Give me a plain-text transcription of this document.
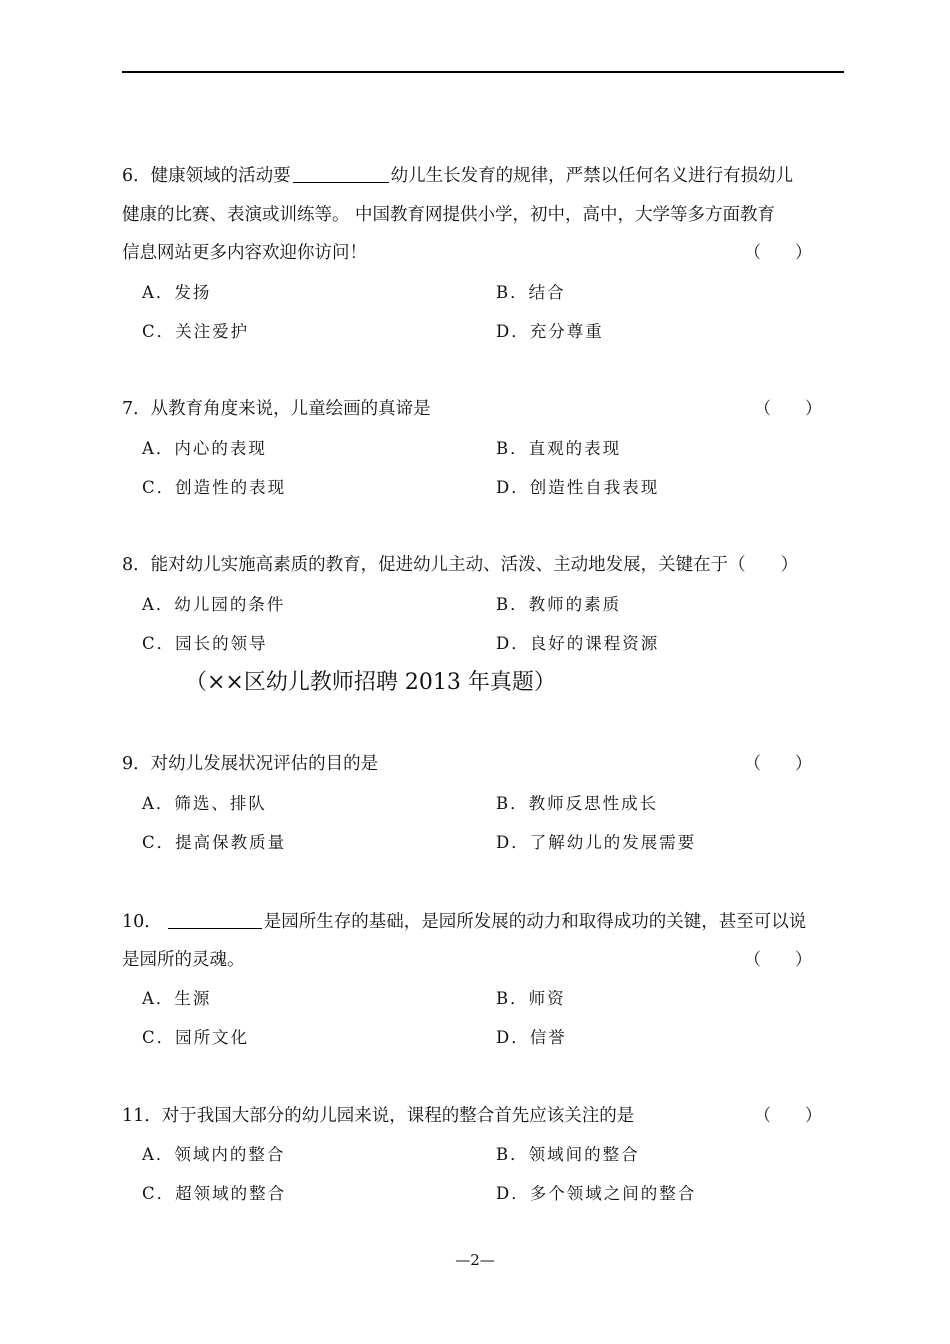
6．健康领域的活动要	幼儿生长发育的规律，严禁以任何名义进行有损幼儿
健康的比赛、表演或训练等。 中国教育网提供小学，初中，高中，大学等多方面教育
信息网站更多内容欢迎你访问！	（　　）
A．发扬	B．结合
C．关注爱护	D．充分尊重
7．从教育角度来说，儿童绘画的真谛是	（　　）
A．内心的表现	B．直观的表现
C．创造性的表现	D．创造性自我表现
8．能对幼儿实施高素质的教育，促进幼儿主动、活泼、主动地发展，关键在于（　　）
A．幼儿园的条件	B．教师的素质
C．园长的领导	D．良好的课程资源
（××区幼儿教师招聘 2013 年真题）
9．对幼儿发展状况评估的目的是	（　　）
A．筛选、排队	B．教师反思性成长
C．提高保教质量	D．了解幼儿的发展需要
10．	是园所生存的基础，是园所发展的动力和取得成功的关键，甚至可以说
是园所的灵魂。	（　　）
A．生源	B．师资
C．园所文化	D．信誉
11．对于我国大部分的幼儿园来说，课程的整合首先应该关注的是	（　　）
A．领域内的整合	B．领域间的整合
C．超领域的整合	D．多个领域之间的整合
—2—
